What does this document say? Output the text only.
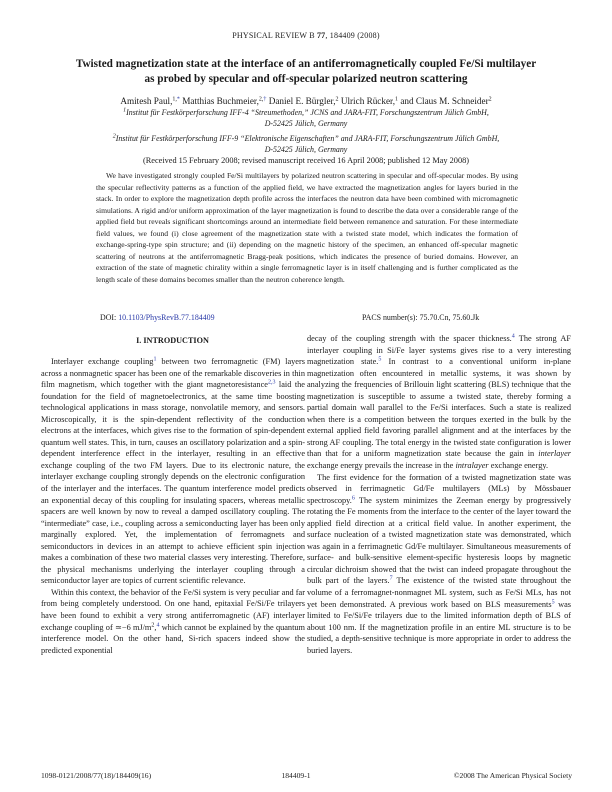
PHYSICAL REVIEW B 77, 184409 (2008)
Twisted magnetization state at the interface of an antiferromagnetically coupled Fe/Si multilayer
as probed by specular and off-specular polarized neutron scattering
Amitesh Paul,$^{1,*}$ Matthias Buchmeier,$^{2,\dagger}$ Daniel E. Bürgler,$^2$ Ulrich Rücker,$^1$ and Claus M. Schneider$^2$
$^1$Institut für Festkörperforschung IFF-4 “Streumethoden,” JCNS and JARA-FIT, Forschungszentrum Jülich GmbH,
D-52425 Jülich, Germany
$^2$Institut für Festkörperforschung IFF-9 “Elektronische Eigenschaften” and JARA-FIT, Forschungszentrum Jülich GmbH,
D-52425 Jülich, Germany
(Received 15 February 2008; revised manuscript received 16 April 2008; published 12 May 2008)
We have investigated strongly coupled Fe/Si multilayers by polarized neutron scattering in specular and off-specular modes. By using the specular reflectivity patterns as a function of the applied field, we have extracted the magnetization angles for layers buried in the stack. In order to explore the magnetization depth profile across the interfaces the neutron data have been combined with micromagnetic simulations. A rigid and/or uniform approximation of the layer magnetization is found to describe the data over a considerable range of the applied field but reveals significant shortcomings around an intermediate field between remanence and saturation. For these intermediate field values, we found (i) close agreement of the magnetization state with a twisted state model, which indicates the formation of exchange-spring-type spin structure; and (ii) depending on the magnetic history of the specimen, an enhanced off-specular magnetic scattering of neutrons at the antiferromagnetic Bragg-peak positions, which indicates the presence of buried domains. However, an extraction of the state of magnetic chirality within a single ferromagnetic layer is in itself challenging and is further complicated as the length scale of these domains becomes smaller than the neutron coherence length.
DOI: 10.1103/PhysRevB.77.184409	PACS number(s): 75.70.Cn, 75.60.Jk
I. INTRODUCTION

Interlayer exchange coupling$^1$ between two ferromagnetic (FM) layers across a nonmagnetic spacer has been one of the remarkable discoveries in thin film magnetism, which together with the giant magnetoresistance$^{2,3}$ laid the foundation for the field of magnetoelectronics, at the same time boosting technological applications in mass storage, nonvolatile memory, and sensors. Microscopically, it is the spin-dependent reflectivity of the conduction electrons at the interfaces, which gives rise to the formation of spin-dependent quantum well states. This, in turn, causes an oscillatory polarization and a spin-dependent interference effect in the interlayer, resulting in an effective exchange coupling of the two FM layers. Due to its electronic nature, the interlayer exchange coupling strongly depends on the electronic configuration of the interlayer and the interfaces. The quantum interference model predicts an exponential decay of this coupling for insulating spacers, whereas metallic spacers are well known by now to reveal a damped oscillatory coupling. The “intermediate” case, i.e., coupling across a semiconducting layer has been only marginally explored. Yet, the implementation of ferromagnets and semiconductors in devices in an attempt to achieve efficient spin injection makes a combination of these two material classes very interesting. Therefore, the physical mechanisms underlying the interlayer coupling through a semiconductor layer are topics of current scientific relevance.

Within this context, the behavior of the Fe/Si system is very peculiar and far from being completely understood. On one hand, epitaxial Fe/Si/Fe trilayers have been found to exhibit a very strong antiferromagnetic (AF) interlayer exchange coupling of ≃−6 $mJ/m^2,^4$ which cannot be explained by the quantum interference model. On the other hand, Si-rich spacers indeed show the predicted exponential

decay of the coupling strength with the spacer thickness.$^4$ The strong AF interlayer coupling in Si/Fe layer systems gives rise to a very interesting magnetization state.$^5$ In contrast to a conventional uniform in-plane magnetization often encountered in metallic systems, it was shown by analyzing the frequencies of Brillouin light scattering (BLS) technique that the magnetization is susceptible to assume a twisted state, thereby forming a partial domain wall parallel to the Fe/Si interfaces. Such a state is realized when there is a competition between the torques exerted in the bulk by the external applied field favoring parallel alignment and at the interfaces by the strong AF coupling. The total energy in the twisted state configuration is lower than that for a uniform magnetization state because the gain in interlayer exchange energy prevails the increase in the intralayer exchange energy.

The first evidence for the formation of a twisted magnetization state was observed in ferrimagnetic Gd/Fe multilayers (MLs) by Mössbauer spectroscopy.$^6$ The system minimizes the Zeeman energy by progressively rotating the Fe moments from the interface to the center of the layer toward the applied field direction at a critical field value. In another experiment, the surface nucleation of a twisted magnetization state was demonstrated, which was again in a ferrimagnetic Gd/Fe multilayer. Simultaneous measurements of surface- and bulk-sensitive element-specific hysteresis loops by magnetic circular dichroism showed that the twist can indeed propagate throughout the bulk part of the layers.$^7$ The existence of the twisted state throughout the volume of a ferromagnet-nonmagnet ML system, such as Fe/Si MLs, has not yet been demonstrated. A previous work based on BLS measurements$^5$ was limited to Fe/Si/Fe trilayers due to the limited information depth of BLS of about 100 nm. If the magnetization profile in an entire ML structure is to be studied, a depth-sensitive technique is more appropriate in order to address the buried layers.

1098-0121/2008/77(18)/184409(16)	184409-1	©2008 The American Physical Society
